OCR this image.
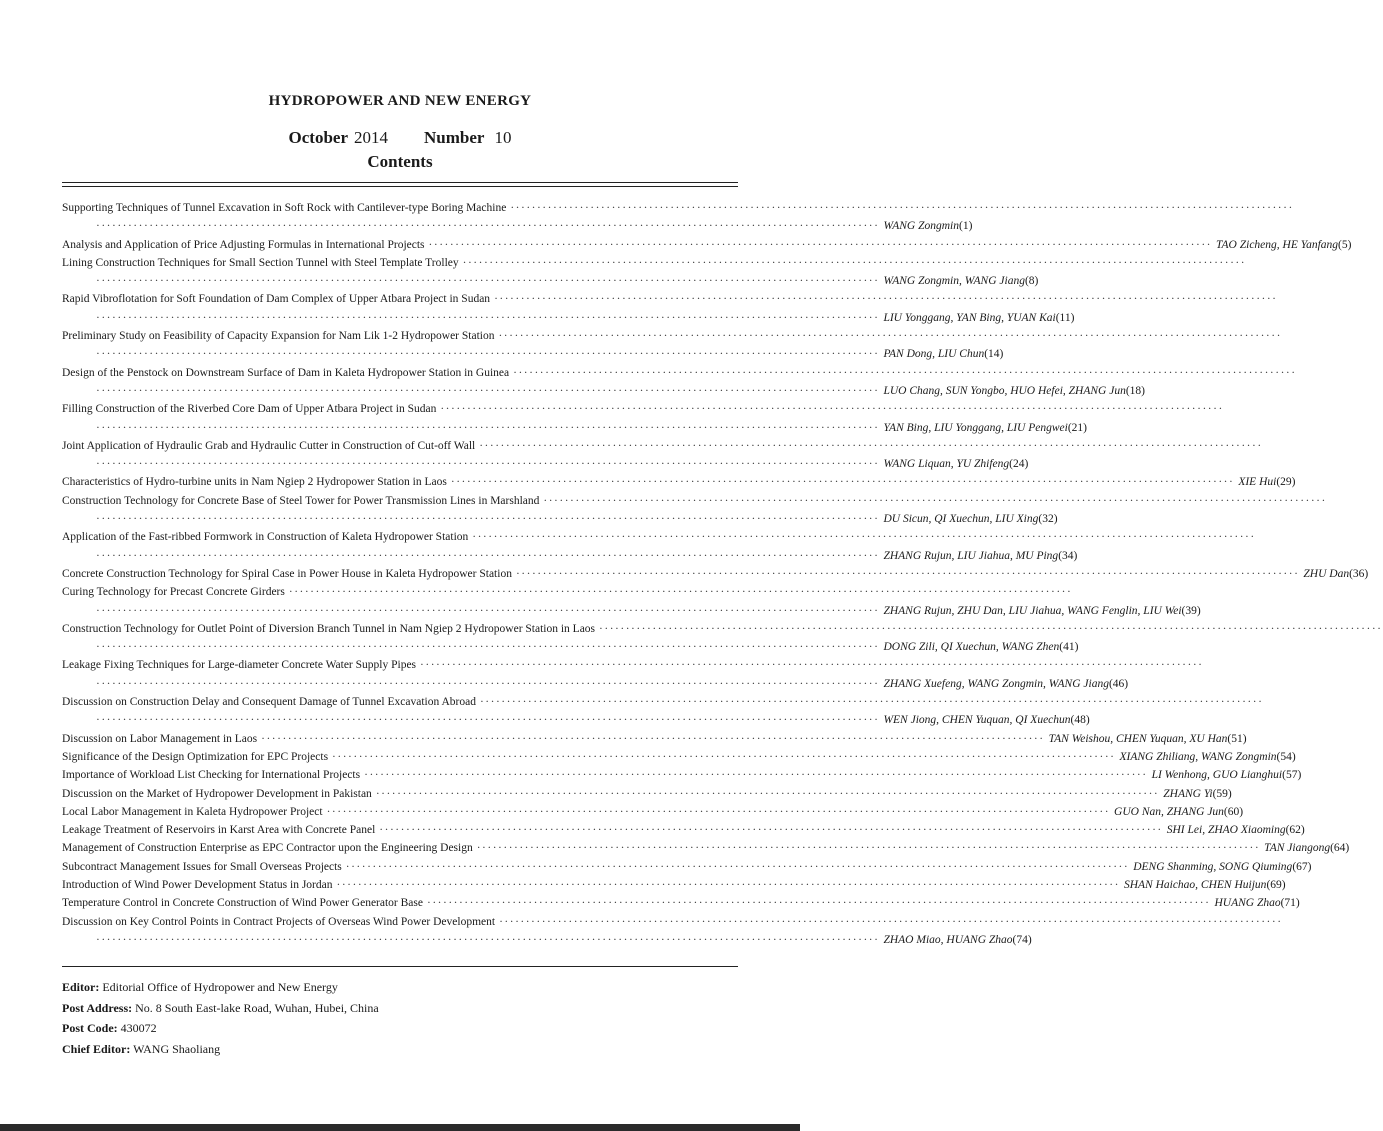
HYDROPOWER AND NEW ENERGY
October 2014 Number 10
Contents
Supporting Techniques of Tunnel Excavation in Soft Rock with Cantilever-type Boring Machine ···················································································································································
··················································································································································· WANG Zongmin (1)
Analysis and Application of Price Adjusting Formulas in International Projects ··················································································································································· TAO Zicheng, HE Yanfang (5)
Lining Construction Techniques for Small Section Tunnel with Steel Template Trolley ···················································································································································
··················································································································································· WANG Zongmin, WANG Jiang (8)
Rapid Vibroflotation for Soft Foundation of Dam Complex of Upper Atbara Project in Sudan ···················································································································································
··················································································································································· LIU Yonggang, YAN Bing, YUAN Kai (11)
Preliminary Study on Feasibility of Capacity Expansion for Nam Lik 1-2 Hydropower Station ···················································································································································
··················································································································································· PAN Dong, LIU Chun (14)
Design of the Penstock on Downstream Surface of Dam in Kaleta Hydropower Station in Guinea ···················································································································································
··················································································································································· LUO Chang, SUN Yongbo, HUO Hefei, ZHANG Jun (18)
Filling Construction of the Riverbed Core Dam of Upper Atbara Project in Sudan ···················································································································································
··················································································································································· YAN Bing, LIU Yonggang, LIU Pengwei (21)
Joint Application of Hydraulic Grab and Hydraulic Cutter in Construction of Cut-off Wall ···················································································································································
··················································································································································· WANG Liquan, YU Zhifeng (24)
Characteristics of Hydro-turbine units in Nam Ngiep 2 Hydropower Station in Laos ··················································································································································· XIE Hui (29)
Construction Technology for Concrete Base of Steel Tower for Power Transmission Lines in Marshland ···················································································································································
··················································································································································· DU Sicun, QI Xuechun, LIU Xing (32)
Application of the Fast-ribbed Formwork in Construction of Kaleta Hydropower Station ···················································································································································
··················································································································································· ZHANG Rujun, LIU Jiahua, MU Ping (34)
Concrete Construction Technology for Spiral Case in Power House in Kaleta Hydropower Station ··················································································································································· ZHU Dan (36)
Curing Technology for Precast Concrete Girders ···················································································································································
··················································································································································· ZHANG Rujun, ZHU Dan, LIU Jiahua, WANG Fenglin, LIU Wei (39)
Construction Technology for Outlet Point of Diversion Branch Tunnel in Nam Ngiep 2 Hydropower Station in Laos ···················································································································································
··················································································································································· DONG Zili, QI Xuechun, WANG Zhen (41)
Leakage Fixing Techniques for Large-diameter Concrete Water Supply Pipes ···················································································································································
··················································································································································· ZHANG Xuefeng, WANG Zongmin, WANG Jiang (46)
Discussion on Construction Delay and Consequent Damage of Tunnel Excavation Abroad ···················································································································································
··················································································································································· WEN Jiong, CHEN Yuquan, QI Xuechun (48)
Discussion on Labor Management in Laos ··················································································································································· TAN Weishou, CHEN Yuquan, XU Han (51)
Significance of the Design Optimization for EPC Projects ··················································································································································· XIANG Zhiliang, WANG Zongmin (54)
Importance of Workload List Checking for International Projects ··················································································································································· LI Wenhong, GUO Lianghui (57)
Discussion on the Market of Hydropower Development in Pakistan ··················································································································································· ZHANG Yi (59)
Local Labor Management in Kaleta Hydropower Project ··················································································································································· GUO Nan, ZHANG Jun (60)
Leakage Treatment of Reservoirs in Karst Area with Concrete Panel ··················································································································································· SHI Lei, ZHAO Xiaoming (62)
Management of Construction Enterprise as EPC Contractor upon the Engineering Design ··················································································································································· TAN Jiangong (64)
Subcontract Management Issues for Small Overseas Projects ··················································································································································· DENG Shanming, SONG Qiuming (67)
Introduction of Wind Power Development Status in Jordan ··················································································································································· SHAN Haichao, CHEN Huijun (69)
Temperature Control in Concrete Construction of Wind Power Generator Base ··················································································································································· HUANG Zhao (71)
Discussion on Key Control Points in Contract Projects of Overseas Wind Power Development ···················································································································································
··················································································································································· ZHAO Miao, HUANG Zhao (74)
Editor: Editorial Office of Hydropower and New Energy
Post Address: No. 8 South East-lake Road, Wuhan, Hubei, China
Post Code: 430072
Chief Editor: WANG Shaoliang
